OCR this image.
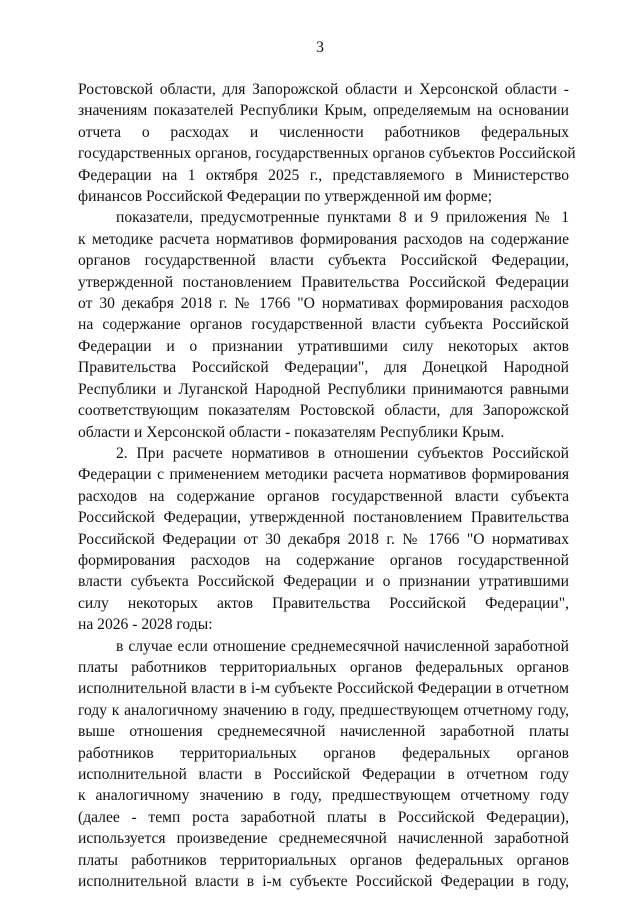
3
Ростовской области, для Запорожской области и Херсонской области -
значениям показателей Республики Крым, определяемым на основании
отчета о расходах и численности работников федеральных
государственных органов, государственных органов субъектов Российской
Федерации на 1 октября 2025 г., представляемого в Министерство
финансов Российской Федерации по утвержденной им форме;
показатели, предусмотренные пунктами 8 и 9 приложения № 1
к методике расчета нормативов формирования расходов на содержание
органов государственной власти субъекта Российской Федерации,
утвержденной постановлением Правительства Российской Федерации
от 30 декабря 2018 г. № 1766 "О нормативах формирования расходов
на содержание органов государственной власти субъекта Российской
Федерации и о признании утратившими силу некоторых актов
Правительства Российской Федерации", для Донецкой Народной
Республики и Луганской Народной Республики принимаются равными
соответствующим показателям Ростовской области, для Запорожской
области и Херсонской области - показателям Республики Крым.
2. При расчете нормативов в отношении субъектов Российской
Федерации с применением методики расчета нормативов формирования
расходов на содержание органов государственной власти субъекта
Российской Федерации, утвержденной постановлением Правительства
Российской Федерации от 30 декабря 2018 г. № 1766 "О нормативах
формирования расходов на содержание органов государственной
власти субъекта Российской Федерации и о признании утратившими
силу некоторых актов Правительства Российской Федерации",
на 2026 - 2028 годы:
в случае если отношение среднемесячной начисленной заработной
платы работников территориальных органов федеральных органов
исполнительной власти в i-м субъекте Российской Федерации в отчетном
году к аналогичному значению в году, предшествующем отчетному году,
выше отношения среднемесячной начисленной заработной платы
работников территориальных органов федеральных органов
исполнительной власти в Российской Федерации в отчетном году
к аналогичному значению в году, предшествующем отчетному году
(далее - темп роста заработной платы в Российской Федерации),
используется произведение среднемесячной начисленной заработной
платы работников территориальных органов федеральных органов
исполнительной власти в i-м субъекте Российской Федерации в году,
